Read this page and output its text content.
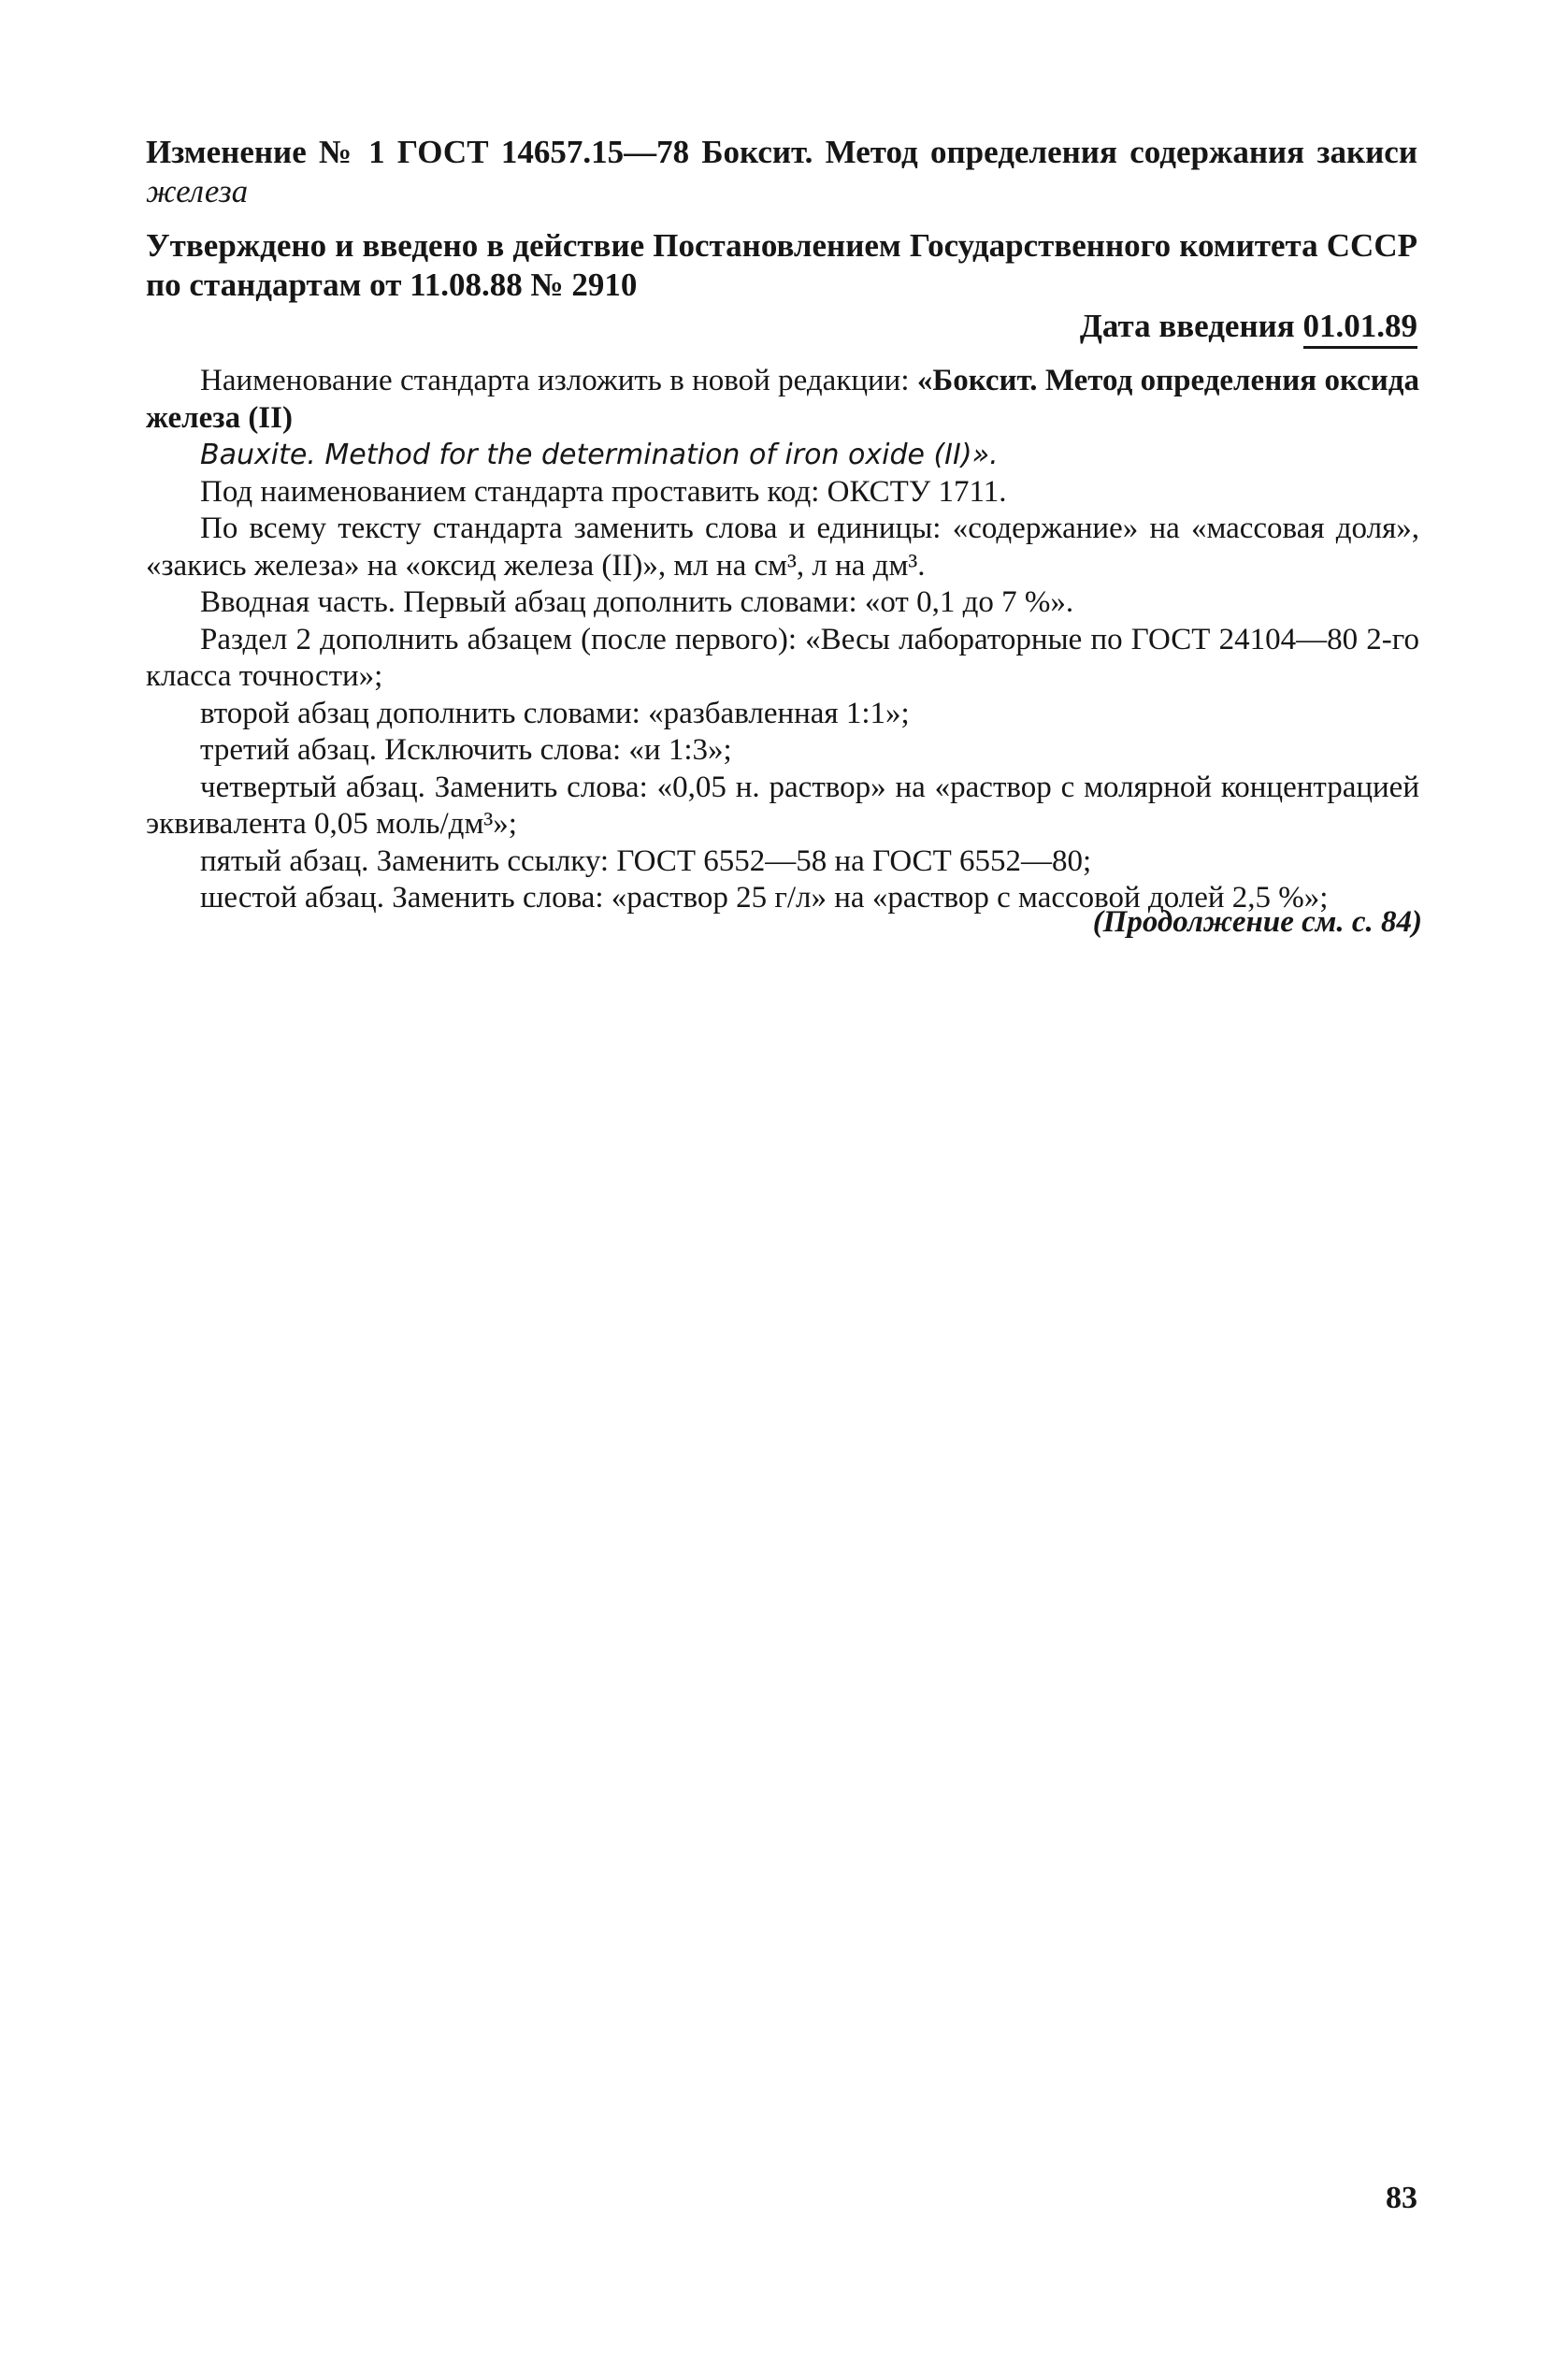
Изменение № 1 ГОСТ 14657.15—78 Боксит. Метод определения содержания закиси железа

Утверждено и введено в действие Постановлением Государственного комитета СССР по стандартам от 11.08.88 № 2910

Дата введения 01.01.89

Наименование стандарта изложить в новой редакции: «Боксит. Метод определения оксида железа (II)

Bauxite. Method for the determination of iron oxide (II)».

Под наименованием стандарта проставить код: ОКСТУ 1711.

По всему тексту стандарта заменить слова и единицы: «содержание» на «массовая доля», «закись железа» на «оксид железа (II)», мл на см³, л на дм³.

Вводная часть. Первый абзац дополнить словами: «от 0,1 до 7 %».

Раздел 2 дополнить абзацем (после первого): «Весы лабораторные по ГОСТ 24104—80 2-го класса точности»;

второй абзац дополнить словами: «разбавленная 1:1»;

третий абзац. Исключить слова: «и 1:3»;

четвертый абзац. Заменить слова: «0,05 н. раствор» на «раствор с молярной концентрацией эквивалента 0,05 моль/дм³»;

пятый абзац. Заменить ссылку: ГОСТ 6552—58 на ГОСТ 6552—80;

шестой абзац. Заменить слова: «раствор 25 г/л» на «раствор с массовой долей 2,5 %»;

(Продолжение см. с. 84)
83
